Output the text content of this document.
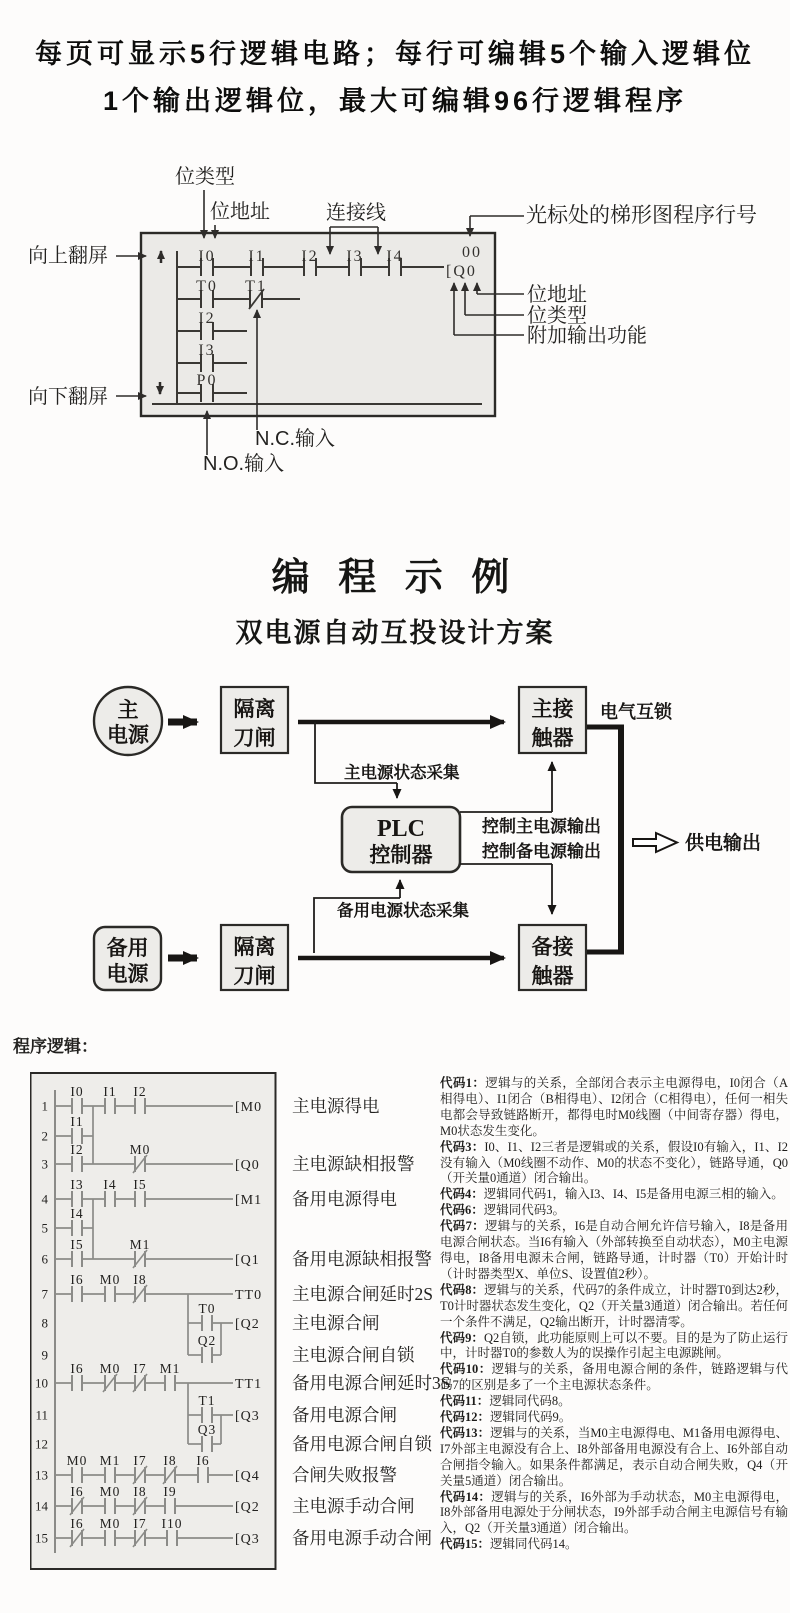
每页可显示5行逻辑电路；每行可编辑5个输入逻辑位
1个输出逻辑位，最大可编辑96行逻辑程序
I0 I1 I2 I3 I4	00
[Q0
T0 T1
I2
I3
P0
位类型
位地址	连接线	光标处的梯形图程序行号
向上翻屏
向下翻屏
位地址
位类型
附加输出功能
N.C.输入
N.O.输入
编 程 示 例
双电源自动互投设计方案
主
电源
隔离
刀闸
主接
触器
PLC
控制器
备用
电源
隔离
刀闸
备接
触器
电气互锁
主电源状态采集
控制主电源输出
控制备电源输出
备用电源状态采集
供电输出
程序逻辑：
1
I0 I1 I2
[M0 主电源得电
2
I1
3
I2	M0
[Q0 主电源缺相报警
4
I3 I4 I5
[M1 备用电源得电
5
I4
6
I5	M1
[Q1 备用电源缺相报警
7
I6 M0 I8
TT0 主电源合闸延时2S
8
T0
[Q2 主电源合闸
9
Q2
主电源合闸自锁
10
I6 M0 I7 M1
TT1 备用电源合闸延时3S
11
T1
[Q3 备用电源合闸
12
Q3
备用电源合闸自锁
13
M0 M1 I7 I8 I6
[Q4 合闸失败报警
14
I6 M0 I8 I9
[Q2 主电源手动合闸
15
I6 M0 I7 I10
[Q3 备用电源手动合闸

代码1：逻辑与的关系，全部闭合表示主电源得电，I0闭合（A相得电）、I1闭合（B相得电）、I2闭合（C相得电），任何一相失电都会导致链路断开，都得电时M0线圈（中间寄存器）得电，M0状态发生变化。

代码3：I0、I1、I2三者是逻辑或的关系，假设I0有输入，I1、I2没有输入（M0线圈不动作、M0的状态不变化），链路导通，Q0（开关量0通道）闭合输出。

代码4：逻辑同代码1，输入I3、I4、I5是备用电源三相的输入。

代码6：逻辑同代码3。

代码7：逻辑与的关系，I6是自动合闸允许信号输入，I8是备用电源合闸状态。当I6有输入（外部转换至自动状态），M0主电源得电，I8备用电源未合闸，链路导通，计时器（T0）开始计时（计时器类型X、单位S、设置值2秒）。

代码8：逻辑与的关系，代码7的条件成立，计时器T0到达2秒，T0计时器状态发生变化，Q2（开关量3通道）闭合输出。若任何一个条件不满足，Q2输出断开，计时器清零。

代码9：Q2自锁，此功能原则上可以不要。目的是为了防止运行中，计时器T0的参数人为的误操作引起主电源跳闸。

代码10：逻辑与的关系，备用电源合闸的条件，链路逻辑与代码7的区别是多了一个主电源状态条件。

代码11：逻辑同代码8。

代码12：逻辑同代码9。

代码13：逻辑与的关系，当M0主电源得电、M1备用电源得电、I7外部主电源没有合上、I8外部备用电源没有合上、I6外部自动合闸指令输入。如果条件都满足，表示自动合闸失败，Q4（开关量5通道）闭合输出。

代码14：逻辑与的关系，I6外部为手动状态，M0主电源得电，I8外部备用电源处于分闸状态，I9外部手动合闸主电源信号有输入，Q2（开关量3通道）闭合输出。

代码15：逻辑同代码14。
